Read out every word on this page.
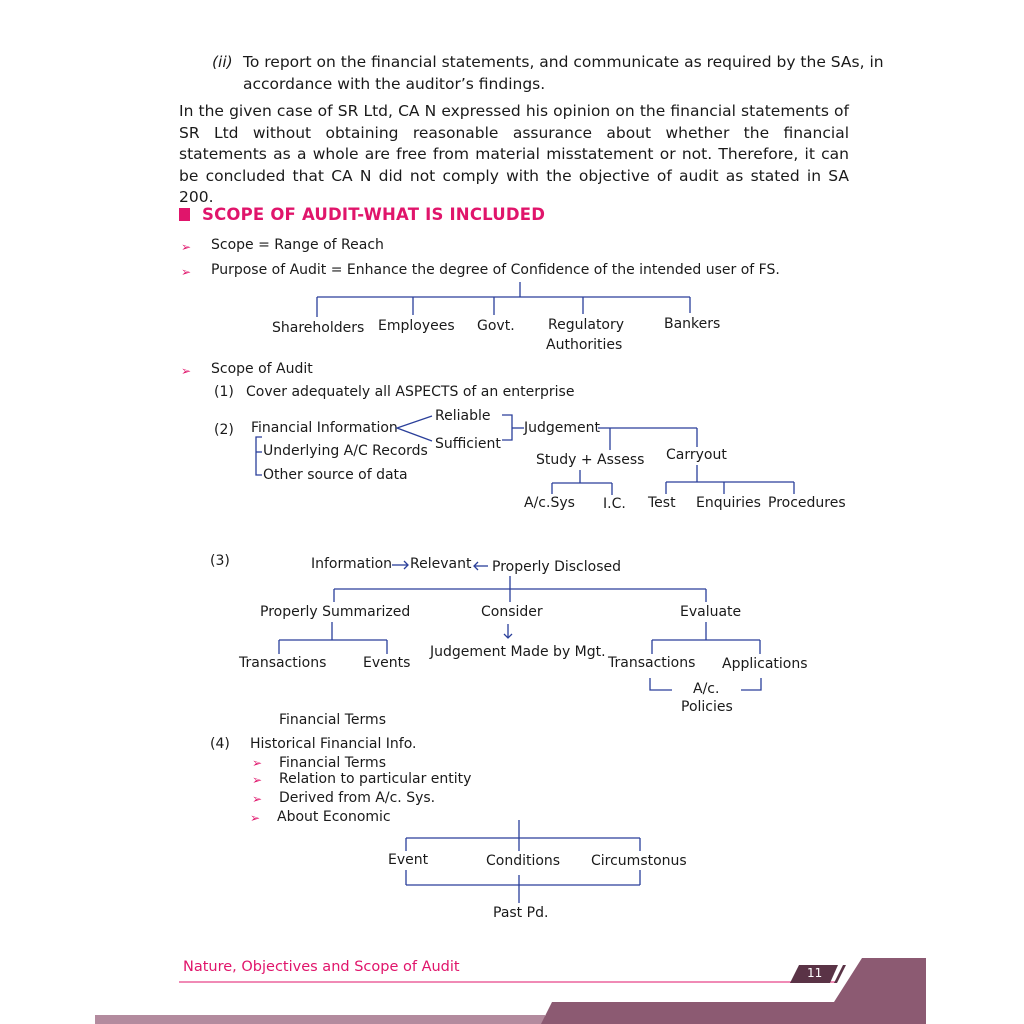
(ii) To report on the financial statements, and communicate as required by the SAs, in
accordance with the auditor’s findings.
In the given case of SR Ltd, CA N expressed his opinion on the financial statements of SR Ltd without obtaining reasonable assurance about whether the financial statements as a whole are free from material misstatement or not. Therefore, it can be concluded that CA N did not comply with the objective of audit as stated in SA 200.
SCOPE OF AUDIT-WHAT IS INCLUDED
➢ Scope = Range of Reach
➢ Purpose of Audit = Enhance the degree of Confidence of the intended user of FS.
Shareholders Employees Govt. Regulatory
Authorities
Bankers
➢ Scope of Audit
(1) Cover adequately all ASPECTS of an enterprise
(2) Financial Information
Reliable
Sufficient
Judgement
Underlying A/C Records
Other source of data
Study + Assess Carryout
A/c.Sys I.C. Test Enquiries Procedures
(3)	Information Relevant Properly Disclosed
Properly Summarized	Consider	Evaluate
Transactions	Events
Judgement Made by Mgt.
Transactions Applications
A/c.
Policies
Financial Terms
(4) Historical Financial Info.
➢ Financial Terms
➢ Relation to particular entity
➢ Derived from A/c. Sys.
➢ About Economic
Event	Conditions Circumstonus
Past Pd.
Nature, Objectives and Scope of Audit	11
